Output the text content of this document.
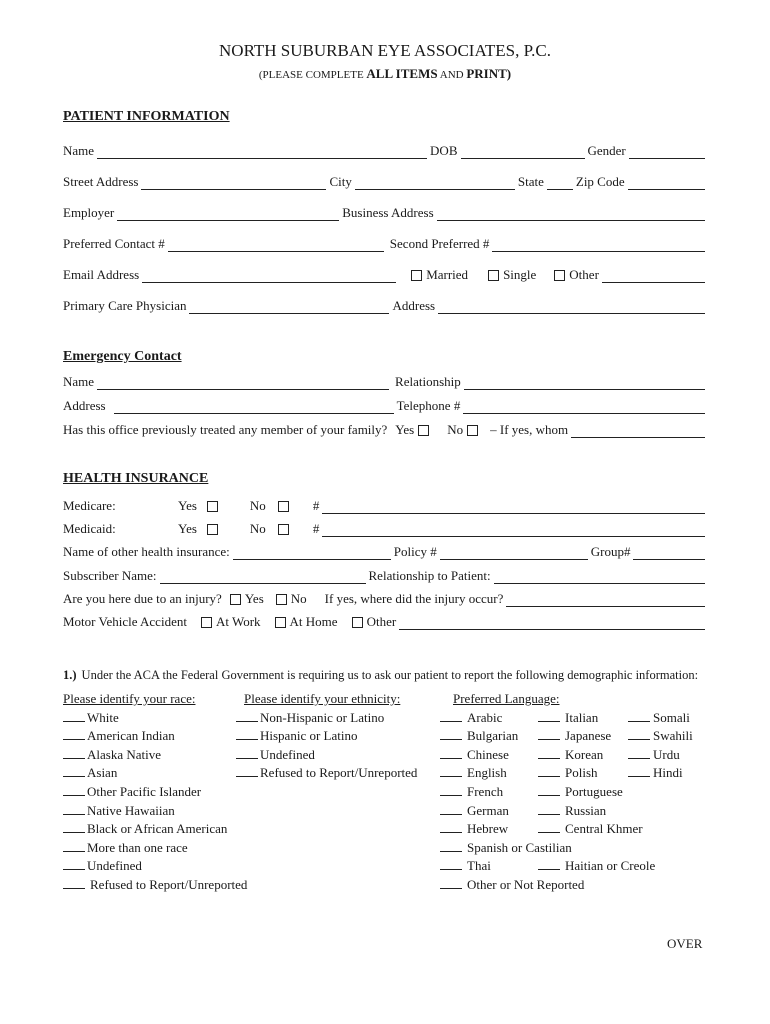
NORTH SUBURBAN EYE ASSOCIATES, P.C.
(PLEASE COMPLETE ALL ITEMS AND PRINT)
PATIENT INFORMATION
Name	DOB	Gender
Street Address	City	State Zip Code
Employer	Business Address
Preferred Contact #	Second Preferred #
Email Address	Married	Single	Other
Primary Care Physician	Address
Emergency Contact
Name	Relationship
Address	Telephone #
Has this office previously treated any member of your family? Yes	No – If yes, whom
HEALTH INSURANCE
Medicare:	Yes	No	#
Medicaid:	Yes	No	#
Name of other health insurance:	Policy #	Group#
Subscriber Name:	Relationship to Patient:
Are you here due to an injury? Yes No If yes, where did the injury occur?
Motor Vehicle Accident At Work At Home Other
1.) Under the ACA the Federal Government is requiring us to ask our patient to report the following demographic information:
Please identify your race:
White
American Indian
Alaska Native
Asian
Other Pacific Islander
Native Hawaiian
Black or African American
More than one race
Undefined
Refused to Report/Unreported
Please identify your ethnicity:
Non-Hispanic or Latino
Hispanic or Latino
Undefined
Refused to Report/Unreported
Preferred Language:
Arabic
Bulgarian
Chinese
English
French
German
Hebrew
Spanish or Castilian
Thai
Other or Not Reported

Italian
Japanese
Korean
Polish
Portuguese
Russian
Central Khmer

Haitian or Creole

Somali
Swahili
Urdu
Hindi
OVER
